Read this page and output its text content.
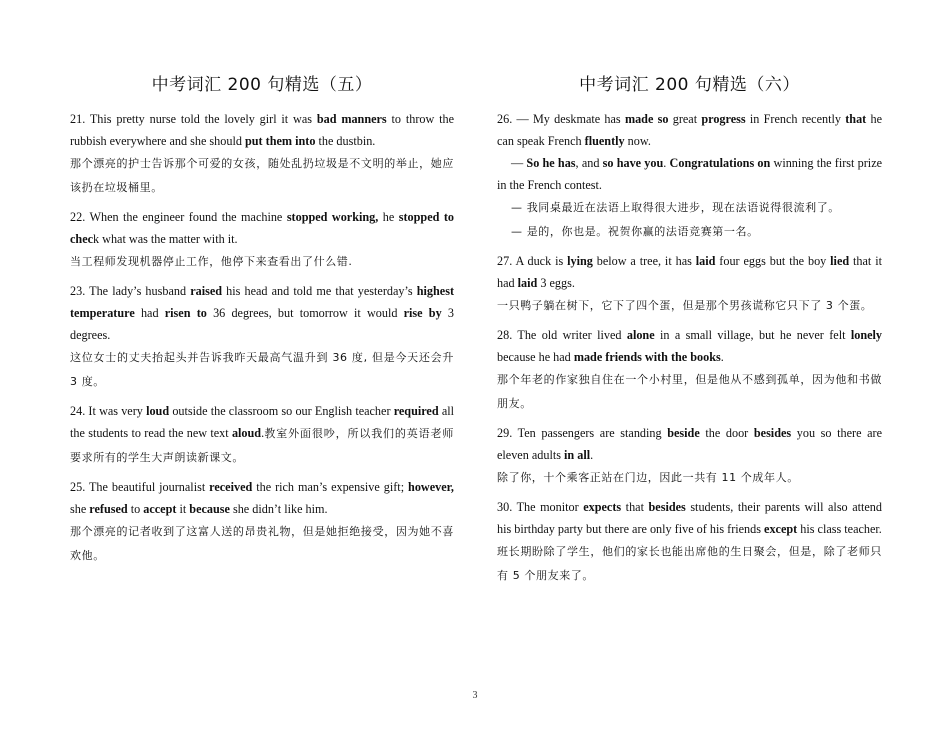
中考词汇 200 句精选（五）

21. This pretty nurse told the lovely girl it was bad manners to throw the rubbish everywhere and she should put them into the dustbin.

那个漂亮的护士告诉那个可爱的女孩，随处乱扔垃圾是不文明的举止，她应该扔在垃圾桶里。

22. When the engineer found the machine stopped working, he stopped to check what was the matter with it.

当工程师发现机器停止工作，他停下来查看出了什么错.

23. The lady’s husband raised his head and told me that yesterday’s highest temperature had risen to 36 degrees, but tomorrow it would rise by 3 degrees.

这位女士的丈夫抬起头并告诉我昨天最高气温升到 36 度, 但是今天还会升 3 度。

24. It was very loud outside the classroom so our English teacher required all the students to read the new text aloud.教室外面很吵，所以我们的英语老师要求所有的学生大声朗读新课文。

25. The beautiful journalist received the rich man’s expensive gift; however, she refused to accept it because she didn’t like him.

那个漂亮的记者收到了这富人送的昂贵礼物，但是她拒绝接受，因为她不喜欢他。

中考词汇 200 句精选（六）

26. — My deskmate has made so great progress in French recently that he can speak French fluently now.

— So he has, and so have you. Congratulations on winning the first prize in the French contest.

— 我同桌最近在法语上取得很大进步，现在法语说得很流利了。

— 是的，你也是。祝贺你赢的法语竞赛第一名。

27. A duck is lying below a tree, it has laid four eggs but the boy lied that it had laid 3 eggs.

一只鸭子躺在树下，它下了四个蛋，但是那个男孩谎称它只下了 3 个蛋。

28. The old writer lived alone in a small village, but he never felt lonely because he had made friends with the books.

那个年老的作家独自住在一个小村里，但是他从不感到孤单，因为他和书做朋友。

29. Ten passengers are standing beside the door besides you so there are eleven adults in all.

除了你，十个乘客正站在门边，因此一共有 11 个成年人。

30. The monitor expects that besides students, their parents will also attend his birthday party but there are only five of his friends except his class teacher.

班长期盼除了学生，他们的家长也能出席他的生日聚会，但是，除了老师只有 5 个朋友来了。

3
